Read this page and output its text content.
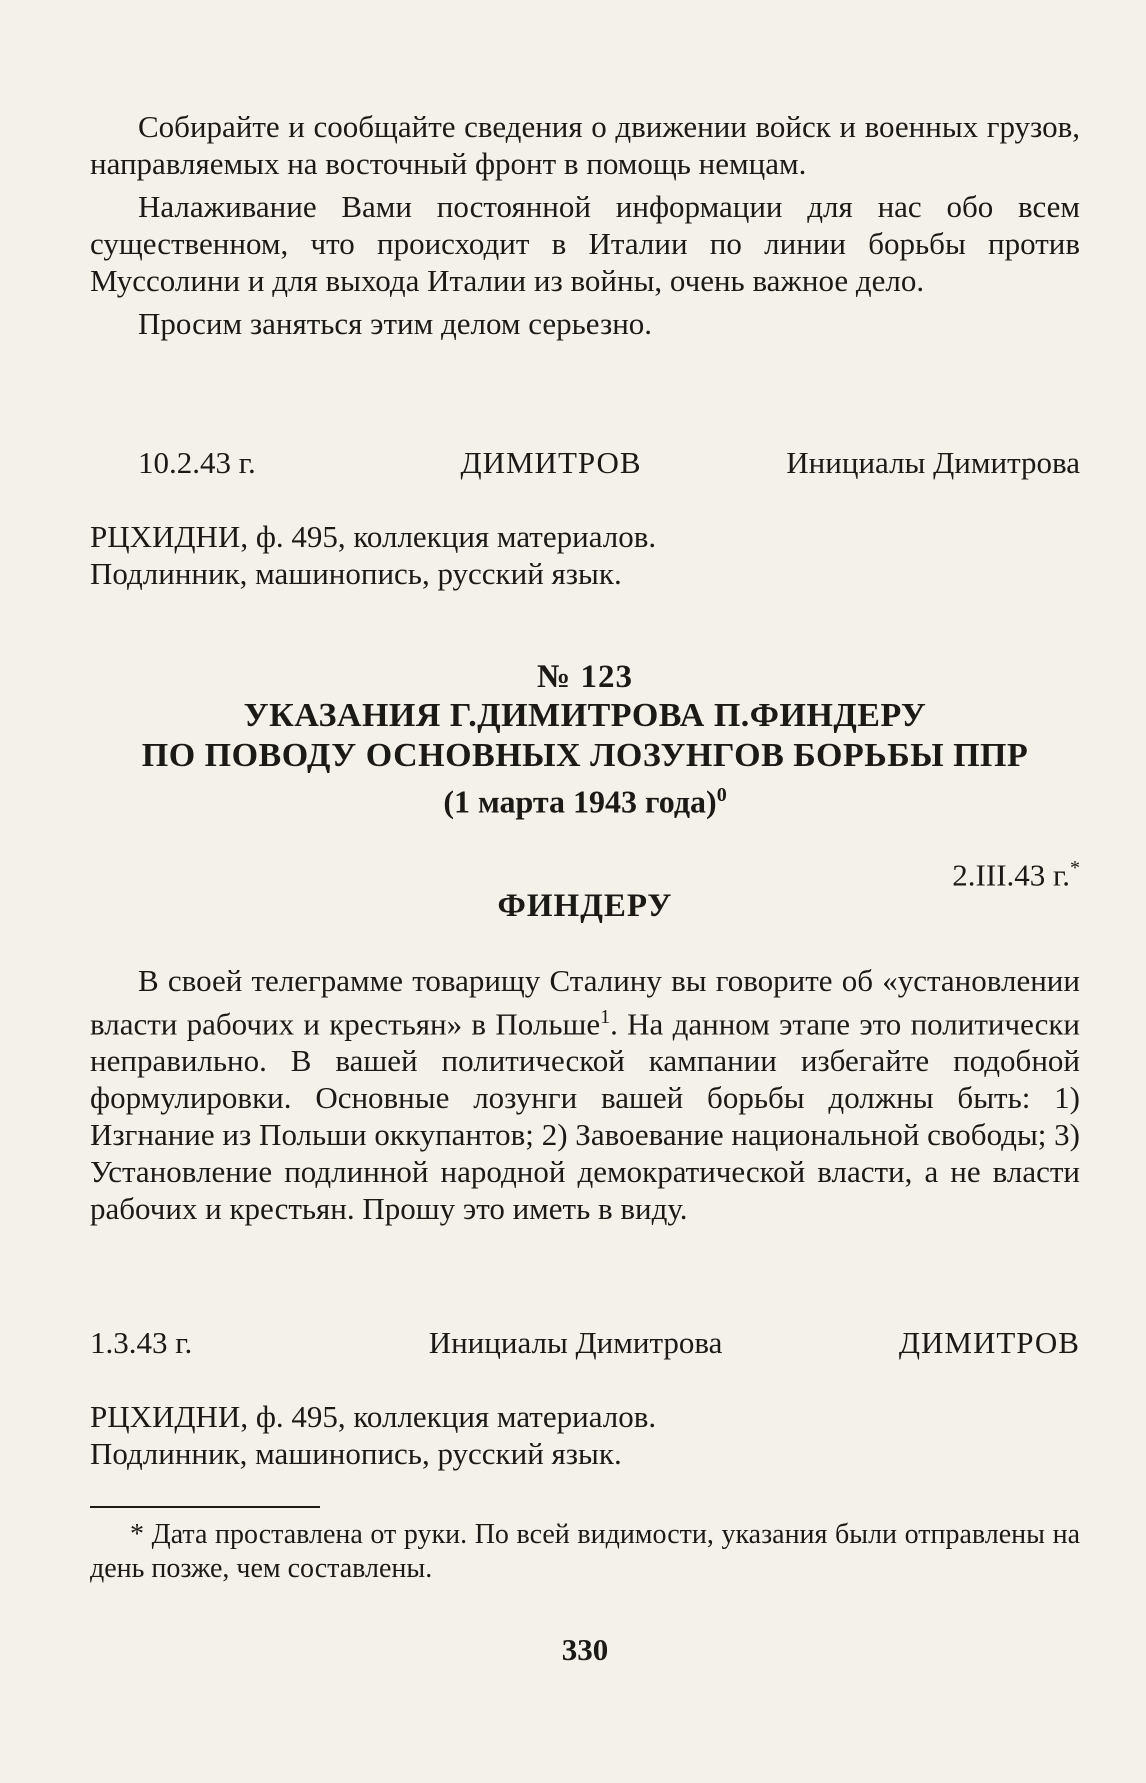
Собирайте и сообщайте сведения о движении войск и военных грузов, направляемых на восточный фронт в помощь немцам.

Налаживание Вами постоянной информации для нас обо всем существенном, что происходит в Италии по линии борьбы против Муссолини и для выхода Италии из войны, очень важное дело.

Просим заняться этим делом серьезно.

10.2.43 г.	ДИМИТРОВ	Инициалы Димитрова

РЦХИДНИ, ф. 495, коллекция материалов.

Подлинник, машинопись, русский язык.

№ 123

УКАЗАНИЯ Г.ДИМИТРОВА П.ФИНДЕРУ

ПО ПОВОДУ ОСНОВНЫХ ЛОЗУНГОВ БОРЬБЫ ППР

(1 марта 1943 года)$^0$
2.III.43 г.*
ФИНДЕРУ

В своей телеграмме товарищу Сталину вы говорите об «установлении власти рабочих и крестьян» в Польше$^1$. На данном этапе это политически неправильно. В вашей политической кампании избегайте подобной формулировки. Основные лозунги вашей борьбы должны быть: 1) Изгнание из Польши оккупантов; 2) Завоевание национальной свободы; 3) Установление подлинной народной демократической власти, а не власти рабочих и крестьян. Прошу это иметь в виду.

1.3.43 г.	Инициалы Димитрова	ДИМИТРОВ

РЦХИДНИ, ф. 495, коллекция материалов.

Подлинник, машинопись, русский язык.

* Дата проставлена от руки. По всей видимости, указания были отправлены на день позже, чем составлены.

330
